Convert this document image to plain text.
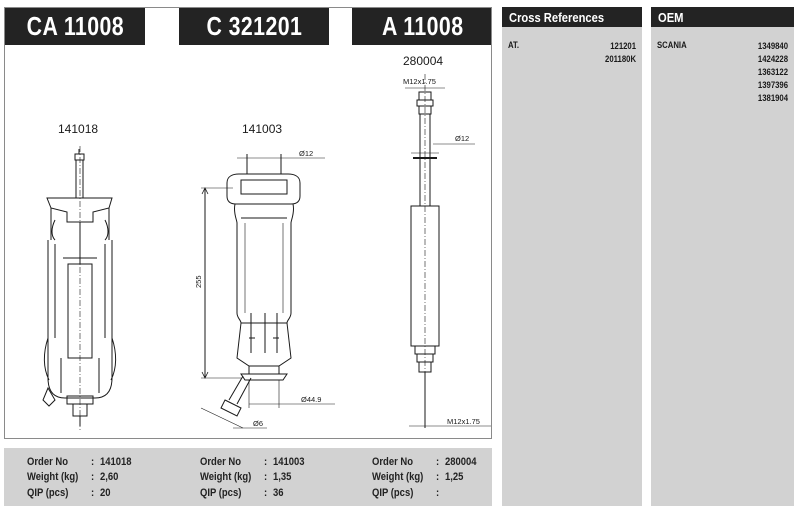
CA 11008	C 321201	A 11008
141018	141003
280004
255
Ø12
Ø44.9
Ø6
M12x1.75
Ø12
M12x1.75
Order No	: 141018
Weight (kg)	: 2,60
QIP (pcs)	: 20
Order No	: 141003
Weight (kg)	: 1,35
QIP (pcs)	: 36
Order No	: 280004
Weight (kg)	: 1,25
QIP (pcs)	:
Cross References
AT.	121201
201180K
OEM
SCANIA	1349840
1424228
1363122
1397396
1381904
